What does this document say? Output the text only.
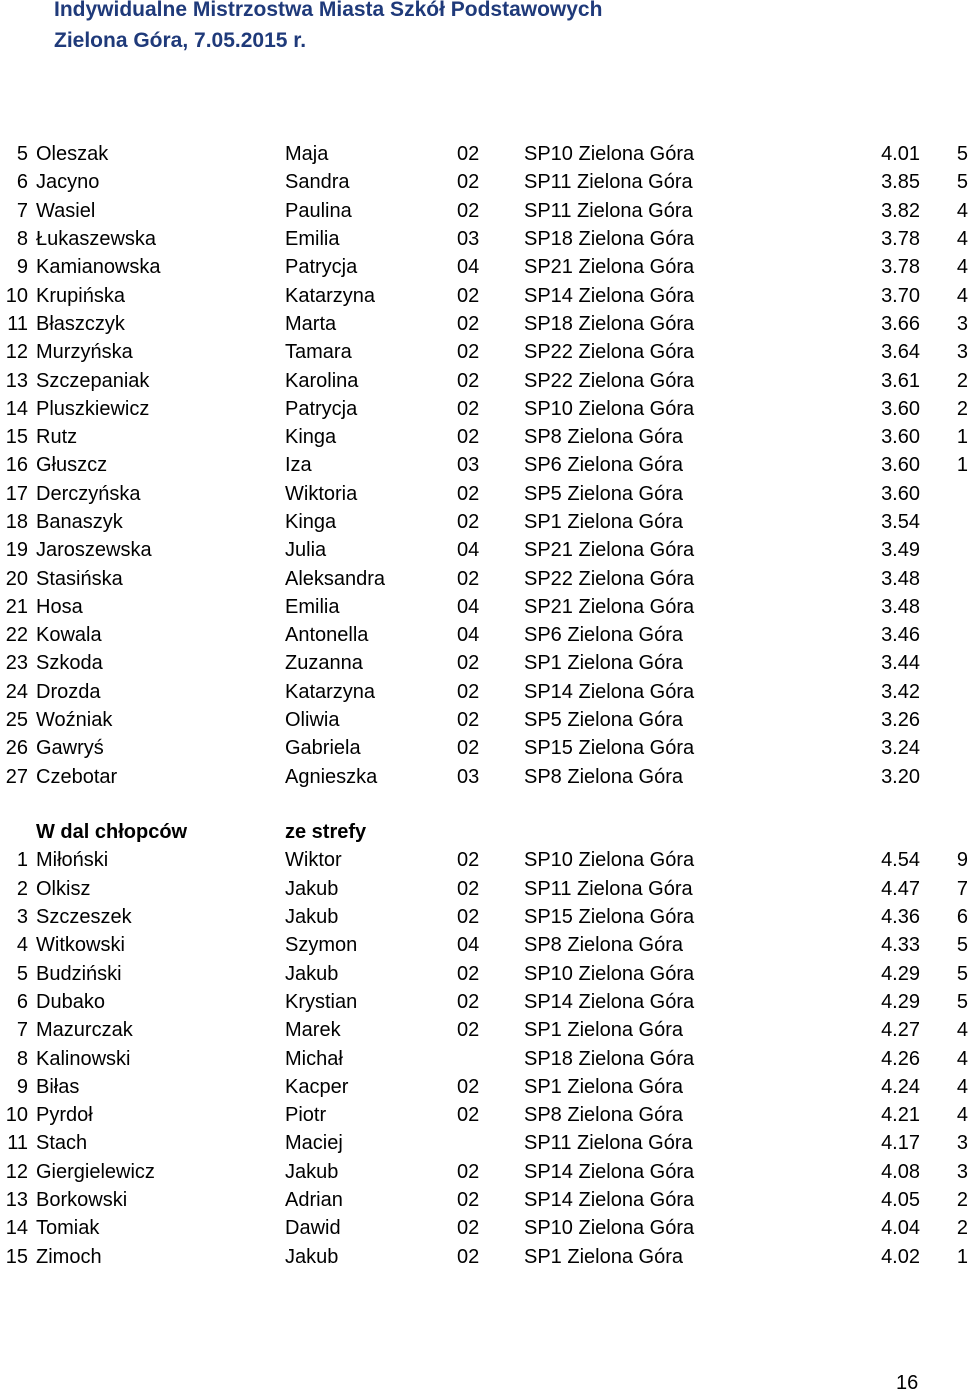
Indywidualne Mistrzostwa Miasta Szkół Podstawowych
Zielona Góra, 7.05.2015 r.
5	Oleszak	Maja	02	SP10 Zielona Góra	4.01	5
6	Jacyno	Sandra	02	SP11 Zielona Góra	3.85	5
7	Wasiel	Paulina	02	SP11 Zielona Góra	3.82	4
8	Łukaszewska	Emilia	03	SP18 Zielona Góra	3.78	4
9	Kamianowska	Patrycja	04	SP21 Zielona Góra	3.78	4
10	Krupińska	Katarzyna	02	SP14 Zielona Góra	3.70	4
11	Błaszczyk	Marta	02	SP18 Zielona Góra	3.66	3
12	Murzyńska	Tamara	02	SP22 Zielona Góra	3.64	3
13	Szczepaniak	Karolina	02	SP22 Zielona Góra	3.61	2
14	Pluszkiewicz	Patrycja	02	SP10 Zielona Góra	3.60	2
15	Rutz	Kinga	02	SP8 Zielona Góra	3.60	1
16	Głuszcz	Iza	03	SP6 Zielona Góra	3.60	1
17	Derczyńska	Wiktoria	02	SP5 Zielona Góra	3.60	
18	Banaszyk	Kinga	02	SP1 Zielona Góra	3.54	
19	Jaroszewska	Julia	04	SP21 Zielona Góra	3.49	
20	Stasińska	Aleksandra	02	SP22 Zielona Góra	3.48	
21	Hosa	Emilia	04	SP21 Zielona Góra	3.48	
22	Kowala	Antonella	04	SP6 Zielona Góra	3.46	
23	Szkoda	Zuzanna	02	SP1 Zielona Góra	3.44	
24	Drozda	Katarzyna	02	SP14 Zielona Góra	3.42	
25	Woźniak	Oliwia	02	SP5 Zielona Góra	3.26	
26	Gawryś	Gabriela	02	SP15 Zielona Góra	3.24	
27	Czebotar	Agnieszka	03	SP8 Zielona Góra	3.20	
	W dal chłopców	ze strefy				
1	Miłoński	Wiktor	02	SP10 Zielona Góra	4.54	9
2	Olkisz	Jakub	02	SP11 Zielona Góra	4.47	7
3	Szczeszek	Jakub	02	SP15 Zielona Góra	4.36	6
4	Witkowski	Szymon	04	SP8 Zielona Góra	4.33	5
5	Budziński	Jakub	02	SP10 Zielona Góra	4.29	5
6	Dubako	Krystian	02	SP14 Zielona Góra	4.29	5
7	Mazurczak	Marek	02	SP1 Zielona Góra	4.27	4
8	Kalinowski	Michał		SP18 Zielona Góra	4.26	4
9	Biłas	Kacper	02	SP1 Zielona Góra	4.24	4
10	Pyrdoł	Piotr	02	SP8 Zielona Góra	4.21	4
11	Stach	Maciej		SP11 Zielona Góra	4.17	3
12	Giergielewicz	Jakub	02	SP14 Zielona Góra	4.08	3
13	Borkowski	Adrian	02	SP14 Zielona Góra	4.05	2
14	Tomiak	Dawid	02	SP10 Zielona Góra	4.04	2
15	Zimoch	Jakub	02	SP1 Zielona Góra	4.02	1
16
